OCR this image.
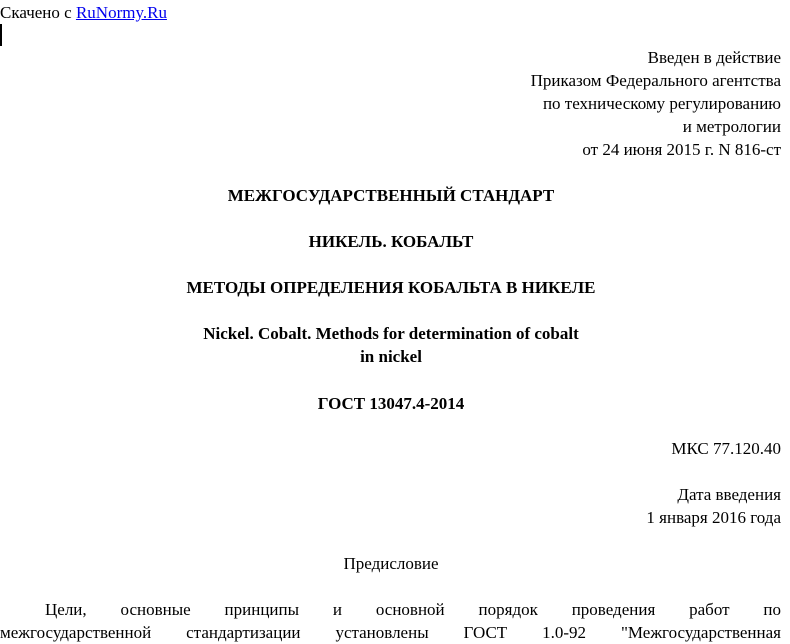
Скачено с RuNormy.Ru
Введен в действие
Приказом Федерального агентства
по техническому регулированию
и метрологии
от 24 июня 2015 г. N 816-ст
МЕЖГОСУДАРСТВЕННЫЙ СТАНДАРТ
НИКЕЛЬ. КОБАЛЬТ
МЕТОДЫ ОПРЕДЕЛЕНИЯ КОБАЛЬТА В НИКЕЛЕ
Nickel. Cobalt. Methods for determination of cobalt
in nickel
ГОСТ 13047.4-2014
МКС 77.120.40
Дата введения
1 января 2016 года
Предисловие
Цели, основные принципы и основной порядок проведения работ по
межгосударственной стандартизации установлены ГОСТ 1.0-92 "Межгосударственная
